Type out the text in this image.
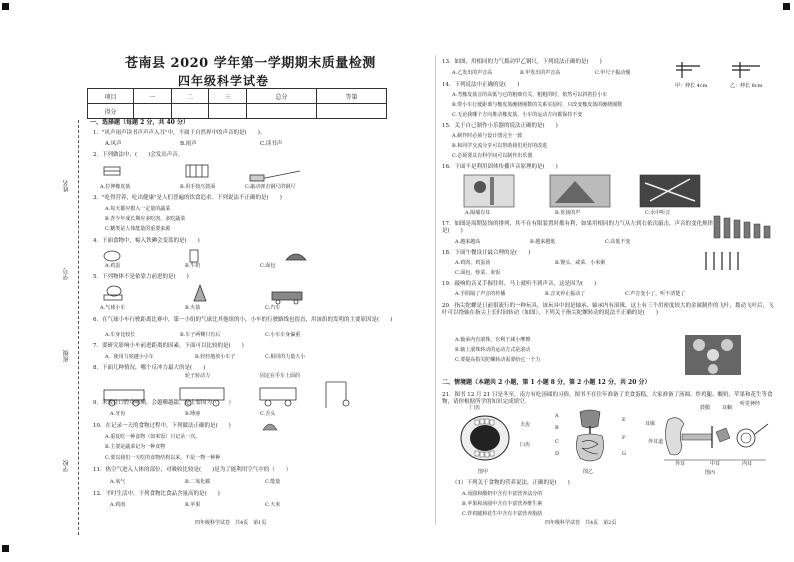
姓名
学号
班级
学校
苍南县 2020 学年第一学期期末质量检测
四年级科学试卷
项目	一	二	三	总分	等第
得分					
一、选择题（每题 2 分，共 40 分）
1．"风声雨声读书声声声入耳"中，不属于自然界中的声音的是(　　)。
A.风声	B.雨声	C.读书声
2．下列做法中，(　　)会发出声音。
A.拉伸橡皮筋	B.用手按压鼓面	C.敲动弹击钢尺的钢尺
3．"吃得营养，吃出健康"是人们普遍的饮食追求。下列说法不正确的是(　　)
A.每天都应摄入一定量的蔬菜
B.青少年成长期应多吃肉，多吃蔬菜
C.糖类是人体能量的重要来源
4．下面食物中，霉入铁碘会变蓝的是(　　)
A.鸡蛋	B.牛奶	C.面包
5．下列物体不是依靠力前进的是(　　)
A.气球小车	B.火箭	C.汽车
6．在气球小车行驶距离比赛中，第一小组的气球比其他组的小，小车的行驶路线也很直，用该组的发明的主要原因是(　　)
A.车身比较长	B.车子两侧只有后	C.小车车身偏重
7．要研究影响小车前进距离的因素，下面可以比较的是(　　)
A．使用力度越小小车	B.轻轻地放小车子	C.相同的力量大小
8．下面几种情况，哪个反冲力最大的是(　　)
轮子转动力	固定在手车上面的
9．米饭在口腔中咀嚼，会越嚼越甜，是主要因为（　　）
A.牙齿	B.唾液	C.舌头
10．在记录一天的食物过程中，下列做法正确的是(　　)
A.重复吃一种食物（如米饭）只记录一次。
B.主要是蔬菜记为一种食物
C.要以我们一天吃的食物结构以来，不是一物一种种
11．热空气进入人体的部位，对吸收比较是(　　)是为了能利用空气中的（　　）
A.氧气	B.二氧化碳	C.能量
12．平时生活中，下列食物比食品含量高的是(　　)
A.鸡肉	B.苹果	C.大米
四年级科学试卷　共4页　第1页
13．如图，用相同的力气拨动甲乙钢尺，下列说法正确的是(　　)
甲：伸长 4cm	乙：伸长 8cm
A.乙发出的声音高	B.甲发出的声音高	C.甲尺子振动慢
14．下列说法中正确的是(　　)
A.弯橡皮筋音的高低与它的粗细有关，粗粗的时，依然可以斜着拉小车
B.带小车行驶距离与橡皮筋缠绕圈数的关系实验时，只改变橡皮筋的缠绕圈数
C.无论我哪个方向推动橡皮筋，小车的运动方向都保持不变
15．关于自己制作小乐器的说法正确的是(　　)
A.制作时必须与设计图完全一致
B.和同学交流分享可以帮助我们更好的改进
C.必须要具有科学间可以制作出乐器
16．下面不是利用固体传播声音原理的是(　　)
A.隔墙有耳	B.优扬的声	C.水中听音
17．如图是周期装饰的排列，其不在有限装置时都有利，如果用相同的力气从左到右依次敲击，声音的变化规律是(　　)
A.越来越高	B.越来越低	C.高低不变
18．下面午餐设计最合理的是(　　)
A.鸡肉、鸡蛋汤	B.馒头、咸菜、小米粥
C.面包、炒菜、米饭
19．敲响的音叉手握住时，马上就听不到声音，这是因为(　　)
A.手阻隔了声音的传播	B.音叉停止振动了	C.声音变小了，听不清楚了
20．指尖陀螺是日前很流行的一种玩具，该玩具中间是轴承，轴承内有滚珠，这上有三个用密度较大的金属制作的飞叶，拨动飞叶后，飞叶可以绕轴在指尖上长时间转动（如图），下列关于指尖陀螺转动的说法不正确的是(　　)
A.轴承内有滚珠，有利于减小摩擦
B.轴上滚珠转动的运动方式是滚动
C.要提高指尖陀螺转动需要给它一个力
二、情境题（本题共 2 小题，第 1 小题 8 分，第 2 小题 12 分，共 20 分）
21．图书 12 月 21 日是冬至，南方有吃汤圆的习俗，图书不在往年准备了美食蛋糕，大家准备了汤圆、炸鸡腿、酸奶、苹果和花生等食物，请你根据所学的知识完成填空。
门齿
犬齿
臼齿
图甲
A
B
C
D
E
F
G
图乙
耳廓
外耳道
鼓膜 耳蜗
听觉神经
外耳	中耳	内耳
图丙
（1）下列关于食物的营养说法，正确的是(　　)
A.汤圆和酸奶中含有丰富营养法分的
B.苹果和汤圆中含有丰富营养维生素
C.炸鸡腿和花生中含有丰富营养脂肪
四年级科学试卷　共4页　第2页
